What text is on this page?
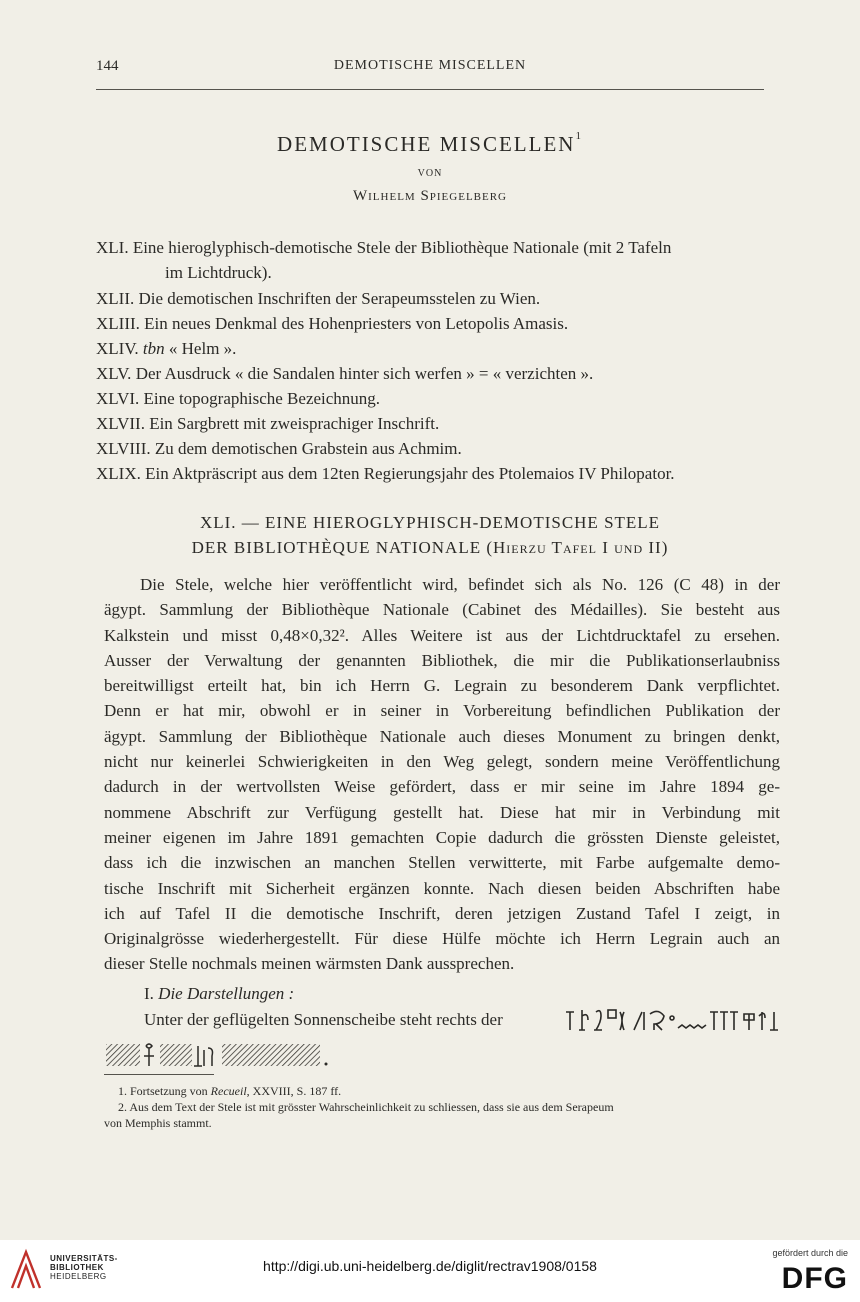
144	DEMOTISCHE MISCELLEN
DEMOTISCHE MISCELLEN$^1$
VON
Wilhelm Spiegelberg
XLI. Eine hieroglyphisch-demotische Stele der Bibliothèque Nationale (mit 2 Tafeln
im Lichtdruck).
XLII. Die demotischen Inschriften der Serapeumsstelen zu Wien.
XLIII. Ein neues Denkmal des Hohenpriesters von Letopolis Amasis.
XLIV. tbn « Helm ».
XLV. Der Ausdruck « die Sandalen hinter sich werfen » = « verzichten ».
XLVI. Eine topographische Bezeichnung.
XLVII. Ein Sargbrett mit zweisprachiger Inschrift.
XLVIII. Zu dem demotischen Grabstein aus Achmim.
XLIX. Ein Aktpräscript aus dem 12ten Regierungsjahr des Ptolemaios IV Philopator.
XLI. — EINE HIEROGLYPHISCH-DEMOTISCHE STELE
DER BIBLIOTHÈQUE NATIONALE (Hierzu Tafel I und II)
Die Stele, welche hier veröffentlicht wird, befindet sich als No. 126 (C 48) in der
ägypt. Sammlung der Bibliothèque Nationale (Cabinet des Médailles). Sie besteht aus
Kalkstein und misst 0,48×0,32². Alles Weitere ist aus der Lichtdrucktafel zu ersehen.
Ausser der Verwaltung der genannten Bibliothek, die mir die Publikationserlaubniss
bereitwilligst erteilt hat, bin ich Herrn G. Legrain zu besonderem Dank verpflichtet.
Denn er hat mir, obwohl er in seiner in Vorbereitung befindlichen Publikation der
ägypt. Sammlung der Bibliothèque Nationale auch dieses Monument zu bringen denkt,
nicht nur keinerlei Schwierigkeiten in den Weg gelegt, sondern meine Veröffentlichung
dadurch in der wertvollsten Weise gefördert, dass er mir seine im Jahre 1894 ge-
nommene Abschrift zur Verfügung gestellt hat. Diese hat mir in Verbindung mit
meiner eigenen im Jahre 1891 gemachten Copie dadurch die grössten Dienste geleistet,
dass ich die inzwischen an manchen Stellen verwitterte, mit Farbe aufgemalte demo-
tische Inschrift mit Sicherheit ergänzen konnte. Nach diesen beiden Abschriften habe
ich auf Tafel II die demotische Inschrift, deren jetzigen Zustand Tafel I zeigt, in
Originalgrösse wiederhergestellt. Für diese Hülfe möchte ich Herrn Legrain auch an
dieser Stelle nochmals meinen wärmsten Dank aussprechen.
I. Die Darstellungen :
Unter der geflügelten Sonnenscheibe steht rechts der
1. Fortsetzung von Recueil, XXVIII, S. 187 ff.
2. Aus dem Text der Stele ist mit grösster Wahrscheinlichkeit zu schliessen, dass sie aus dem Serapeum
von Memphis stammt.
UNIVERSITÄTS-
BIBLIOTHEK
HEIDELBERG
http://digi.ub.uni-heidelberg.de/diglit/rectrav1908/0158
gefördert durch die
DFG
